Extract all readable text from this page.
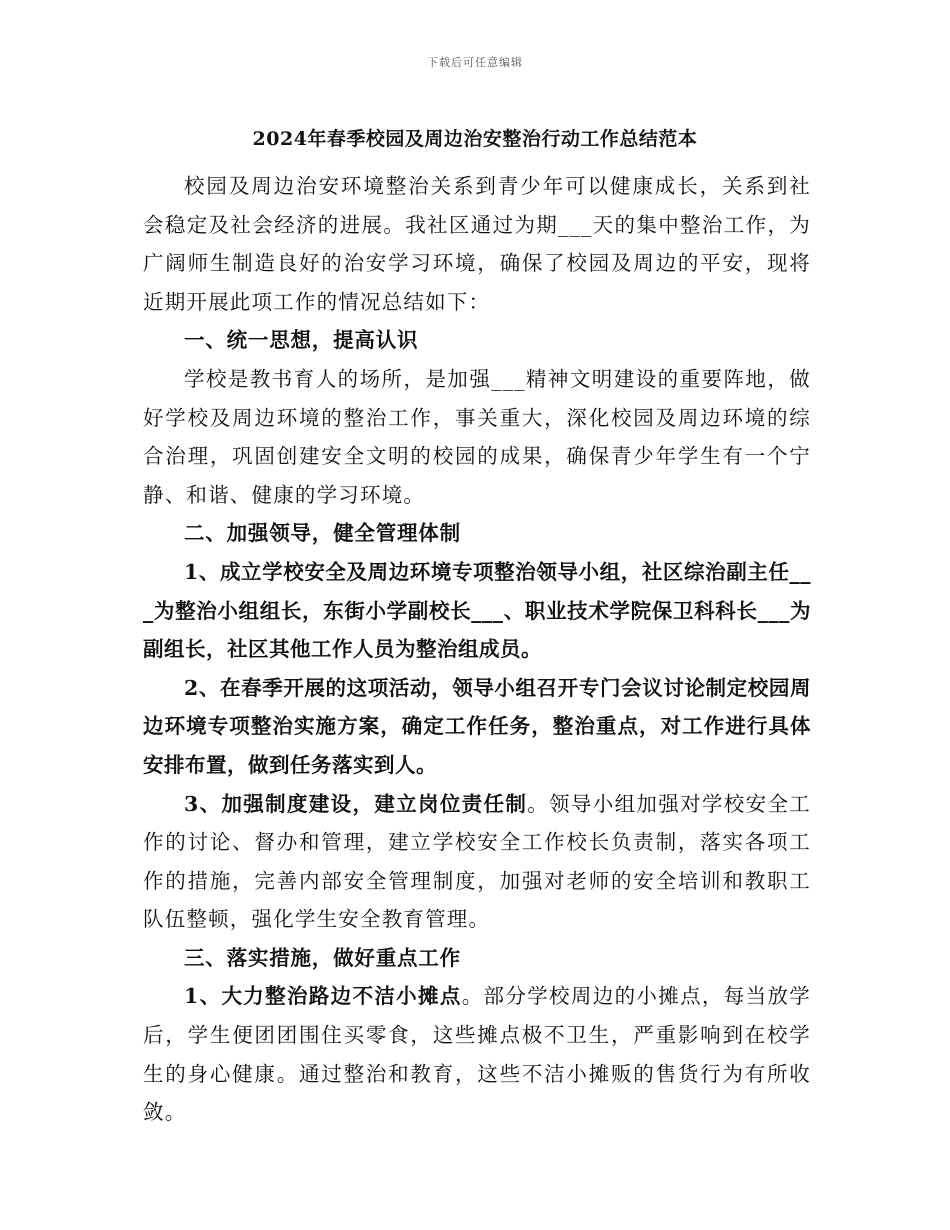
下载后可任意编辑
2024年春季校园及周边治安整治行动工作总结范本

校园及周边治安环境整治关系到青少年可以健康成长，关系到社会稳定及社会经济的进展。我社区通过为期___天的集中整治工作，为广阔师生制造良好的治安学习环境，确保了校园及周边的平安，现将近期开展此项工作的情况总结如下：

一、统一思想，提高认识

学校是教书育人的场所，是加强___精神文明建设的重要阵地，做好学校及周边环境的整治工作，事关重大，深化校园及周边环境的综合治理，巩固创建安全文明的校园的成果，确保青少年学生有一个宁静、和谐、健康的学习环境。

二、加强领导，健全管理体制

1、成立学校安全及周边环境专项整治领导小组，社区综治副主任___为整治小组组长，东街小学副校长___、职业技术学院保卫科科长___为副组长，社区其他工作人员为整治组成员。

2、在春季开展的这项活动，领导小组召开专门会议讨论制定校园周边环境专项整治实施方案，确定工作任务，整治重点，对工作进行具体安排布置，做到任务落实到人。

3、加强制度建设，建立岗位责任制。领导小组加强对学校安全工作的讨论、督办和管理，建立学校安全工作校长负责制，落实各项工作的措施，完善内部安全管理制度，加强对老师的安全培训和教职工队伍整顿，强化学生安全教育管理。

三、落实措施，做好重点工作

1、大力整治路边不洁小摊点。部分学校周边的小摊点，每当放学后，学生便团团围住买零食，这些摊点极不卫生，严重影响到在校学生的身心健康。通过整治和教育，这些不洁小摊贩的售货行为有所收敛。
